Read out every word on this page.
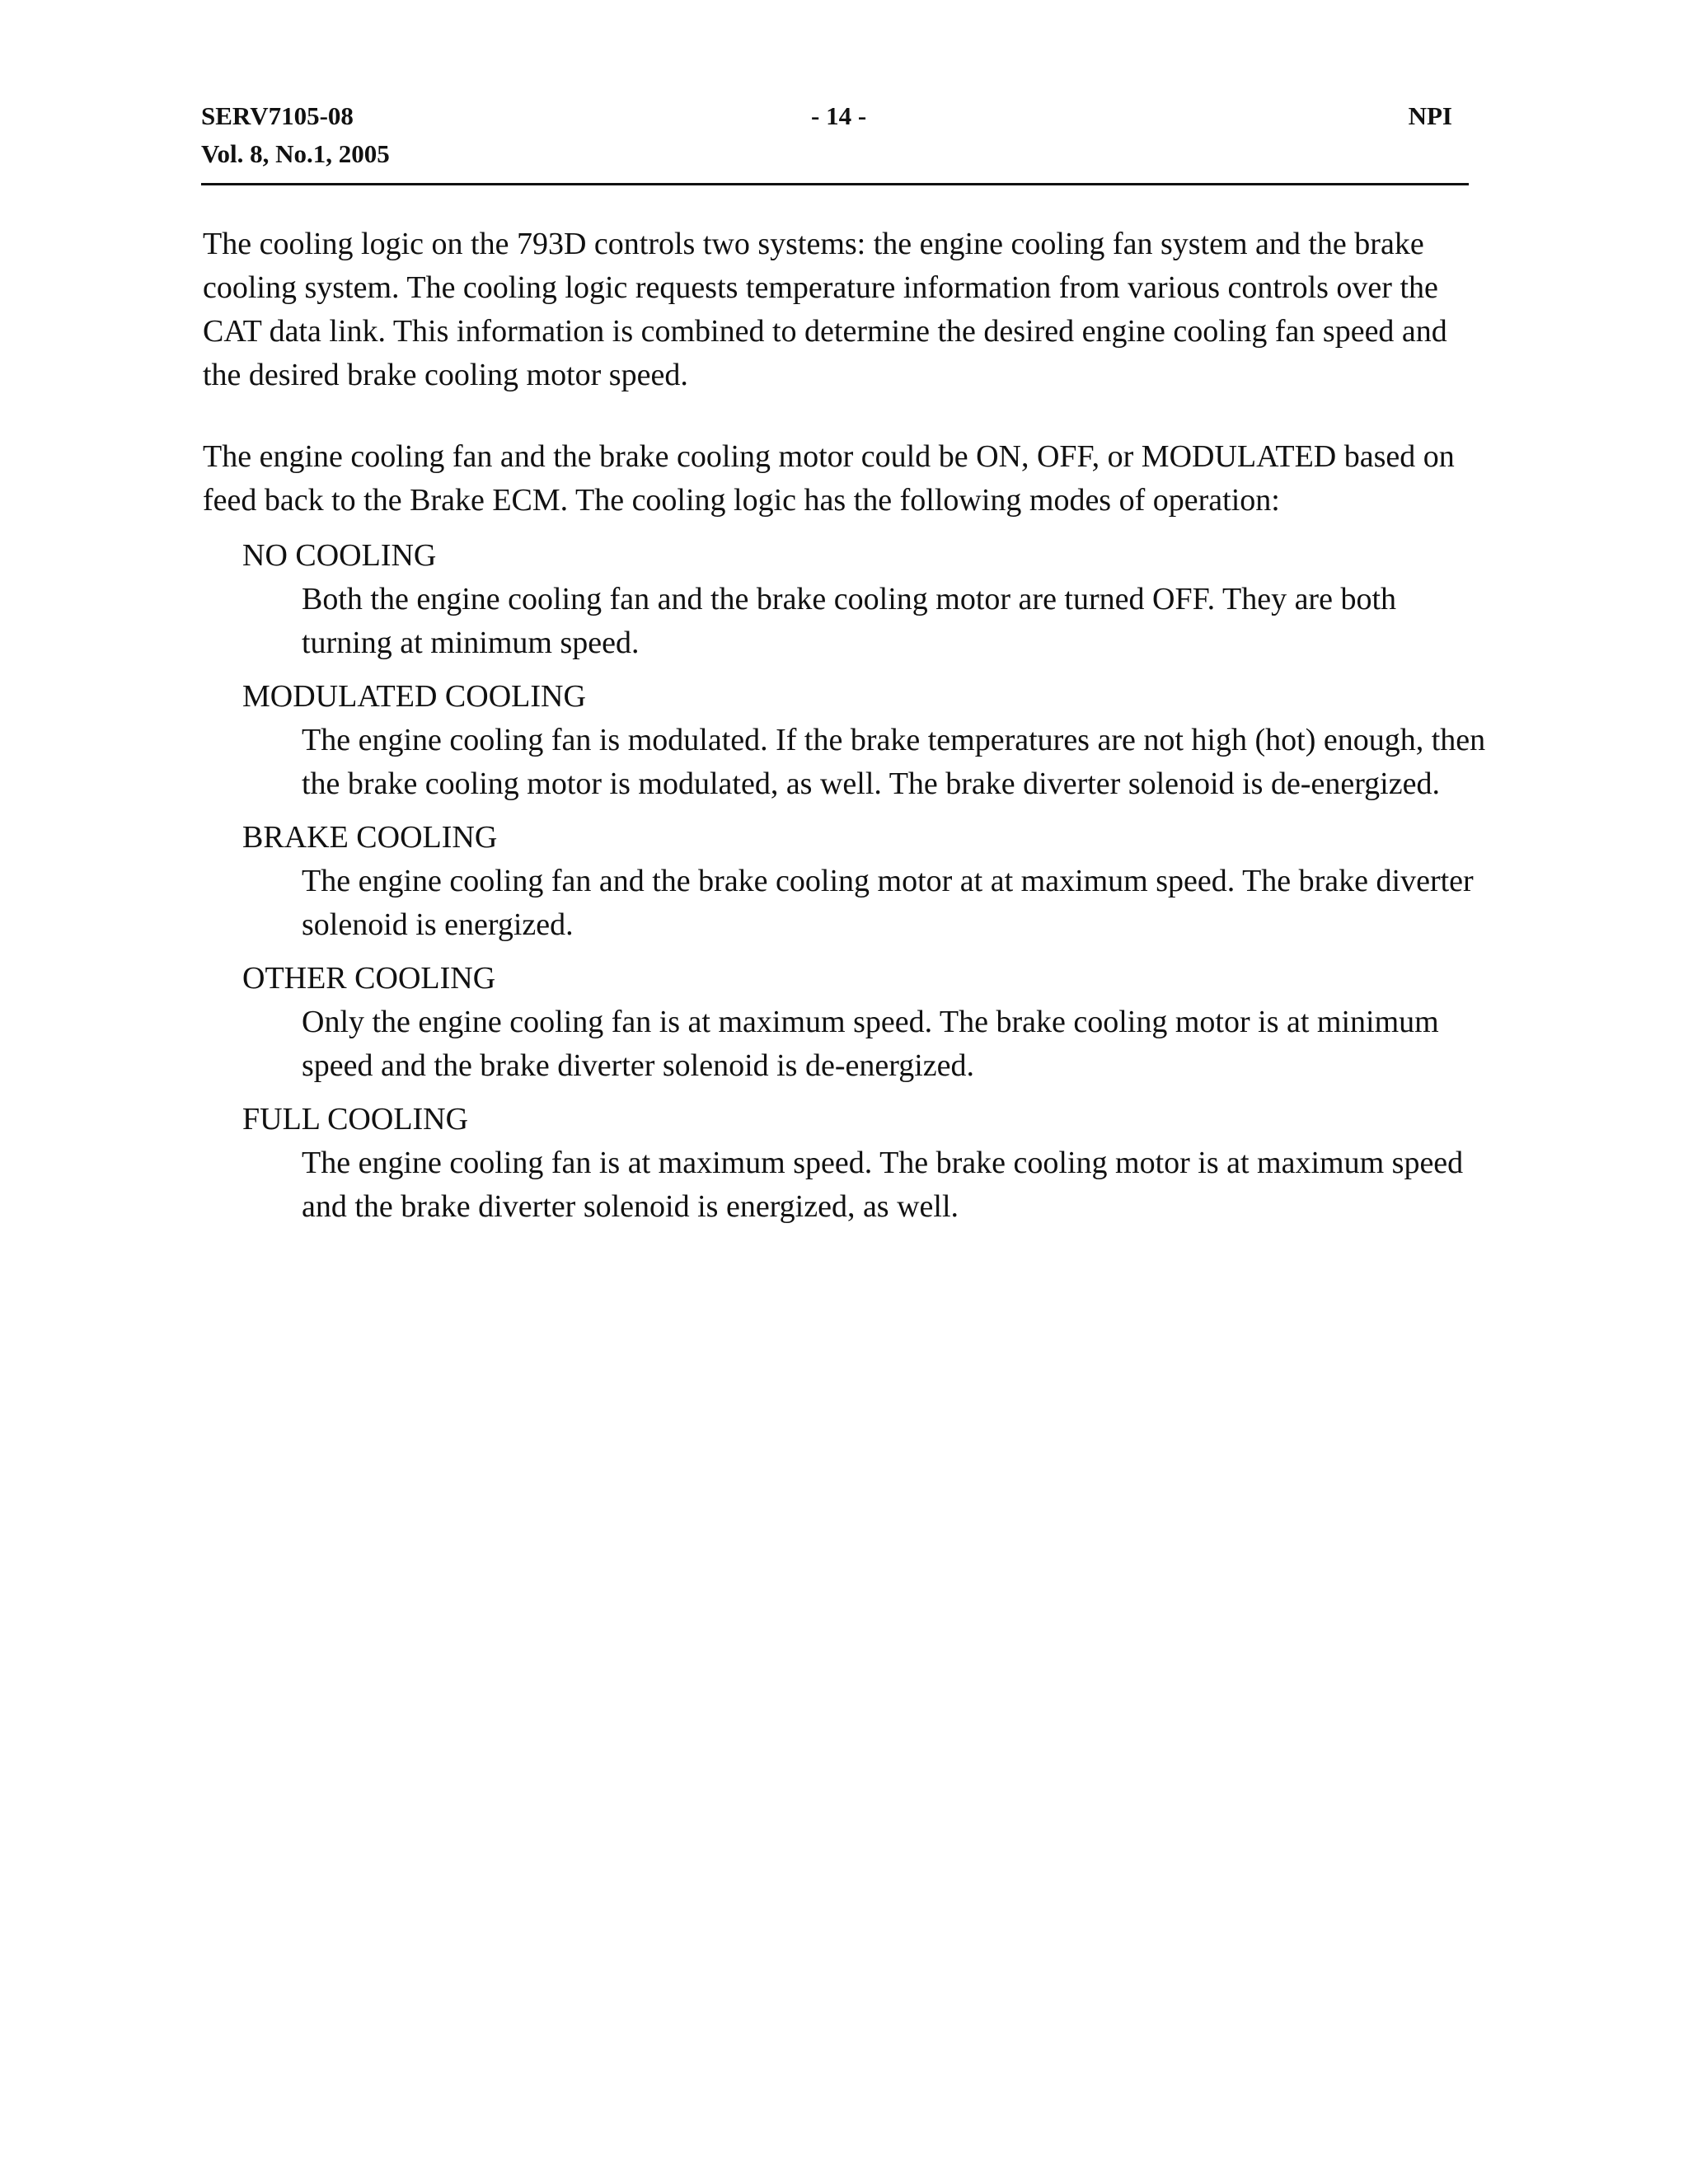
SERV7105-08
Vol. 8, No.1, 2005
- 14 -	NPI

The cooling logic on the 793D controls two systems: the engine cooling fan system and the brake cooling system. The cooling logic requests temperature information from various controls over the CAT data link. This information is combined to determine the desired engine cooling fan speed and the desired brake cooling motor speed.

The engine cooling fan and the brake cooling motor could be ON, OFF, or MODULATED based on feed back to the Brake ECM. The cooling logic has the following modes of operation:

NO COOLING
Both the engine cooling fan and the brake cooling motor are turned OFF. They are both turning at minimum speed.
MODULATED COOLING
The engine cooling fan is modulated. If the brake temperatures are not high (hot) enough, then the brake cooling motor is modulated, as well. The brake diverter solenoid is de-energized.
BRAKE COOLING
The engine cooling fan and the brake cooling motor at at maximum speed. The brake diverter solenoid is energized.
OTHER COOLING
Only the engine cooling fan is at maximum speed. The brake cooling motor is at minimum speed and the brake diverter solenoid is de-energized.
FULL COOLING
The engine cooling fan is at maximum speed. The brake cooling motor is at maximum speed and the brake diverter solenoid is energized, as well.
